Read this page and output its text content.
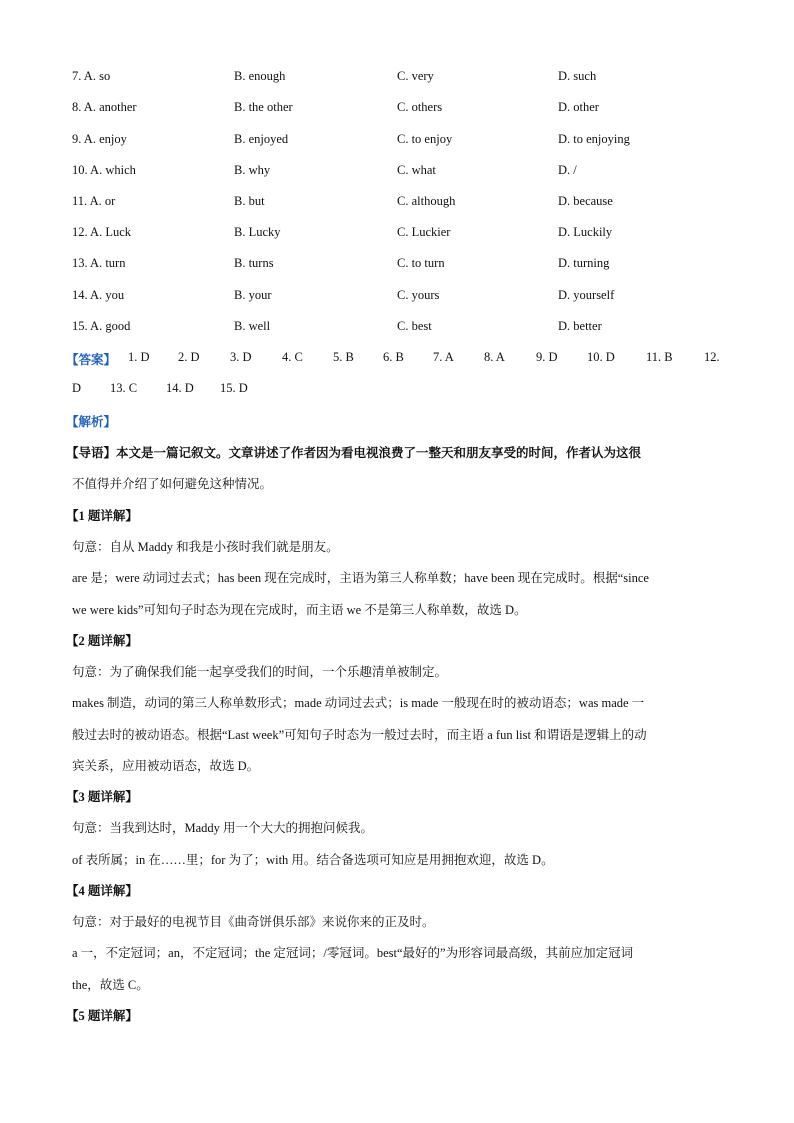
7. A. so	B. enough	C. very	D. such
8. A. another	B. the other	C. others	D. other
9. A. enjoy	B. enjoyed	C. to enjoy	D. to enjoying
10. A. which	B. why	C. what	D. /
11. A. or	B. but	C. although	D. because
12. A. Luck	B. Lucky	C. Luckier	D. Luckily
13. A. turn	B. turns	C. to turn	D. turning
14. A. you	B. your	C. yours	D. yourself
15. A. good	B. well	C. best	D. better
【答案】 1. D 2. D 3. D 4. C 5. B 6. B 7. A 8. A 9. D 10. D 11. B	12.
D 13. C 14. D 15. D
【解析】
【导语】本文是一篇记叙文。文章讲述了作者因为看电视浪费了一整天和朋友享受的时间，作者认为这很
不值得并介绍了如何避免这种情况。
【1 题详解】
句意：自从 Maddy 和我是小孩时我们就是朋友。
are 是；were 动词过去式；has been 现在完成时，主语为第三人称单数；have been 现在完成时。根据“since
we were kids”可知句子时态为现在完成时，而主语 we 不是第三人称单数，故选 D。
【2 题详解】
句意：为了确保我们能一起享受我们的时间，一个乐趣清单被制定。
makes 制造，动词的第三人称单数形式；made 动词过去式；is made 一般现在时的被动语态；was made 一
般过去时的被动语态。根据“Last week”可知句子时态为一般过去时，而主语 a fun list 和谓语是逻辑上的动
宾关系，应用被动语态，故选 D。
【3 题详解】
句意：当我到达时，Maddy 用一个大大的拥抱问候我。
of 表所属；in 在……里；for 为了；with 用。结合备选项可知应是用拥抱欢迎，故选 D。
【4 题详解】
句意：对于最好的电视节目《曲奇饼俱乐部》来说你来的正及时。
a 一，不定冠词；an，不定冠词；the 定冠词；/零冠词。best“最好的”为形容词最高级，其前应加定冠词
the，故选 C。
【5 题详解】
